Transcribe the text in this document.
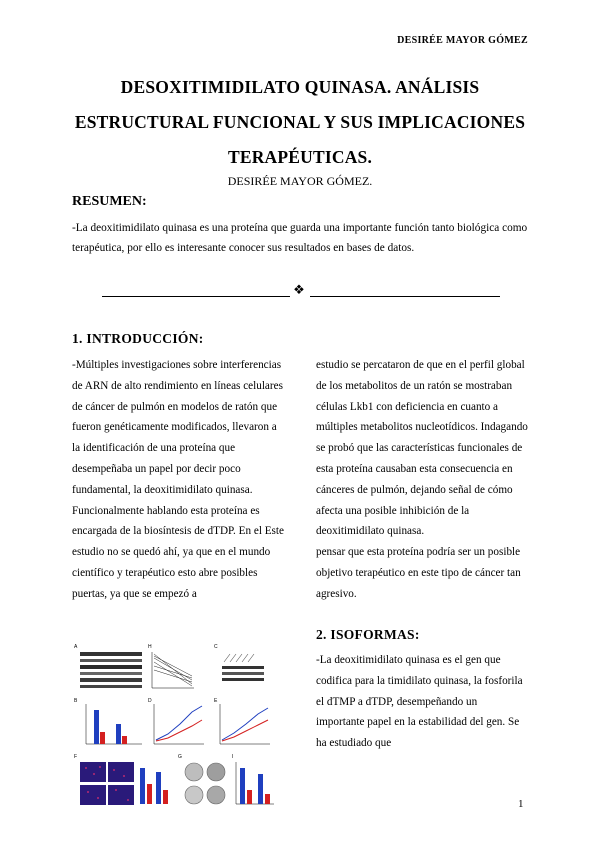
DESIRÉE MAYOR GÓMEZ
DESOXITIMIDILATO QUINASA. ANÁLISIS
ESTRUCTURAL FUNCIONAL Y SUS IMPLICACIONES
TERAPÉUTICAS.
DESIRÉE MAYOR GÓMEZ.
RESUMEN:
-La deoxitimidilato quinasa es una proteína que guarda una importante función tanto biológica como terapéutica, por ello es interesante conocer sus resultados en bases de datos.
❖
1. INTRODUCCIÓN:

-Múltiples investigaciones sobre interferencias de ARN de alto rendimiento en líneas celulares de cáncer de pulmón en modelos de ratón que fueron genéticamente modificados, llevaron a la identificación de una proteína que desempeñaba un papel por decir poco fundamental, la deoxitimidilato quinasa. Funcionalmente hablando esta proteína es encargada de la biosíntesis de dTDP. En el Este estudio no se quedó ahí, ya que en el mundo científico y terapéutico esto abre posibles puertas, ya que se empezó a

estudio se percataron de que en el perfil global de los metabolitos de un ratón se mostraban células Lkb1 con deficiencia en cuanto a múltiples metabolitos nucleotídicos. Indagando se probó que las características funcionales de esta proteína causaban esta consecuencia en cánceres de pulmón, dejando señal de cómo afecta una posible inhibición de la deoxitimidilato quinasa.

pensar que esta proteína podría ser un posible objetivo terapéutico en este tipo de cáncer tan agresivo.

2. ISOFORMAS:
-La deoxitimidilato quinasa es el gen que codifica para la timidilato quinasa, la fosforila el dTMP a dTDP, desempeñando un importante papel en la estabilidad del gen. Se ha estudiado que
A	H	C
B	D	E
F	G	I
1
